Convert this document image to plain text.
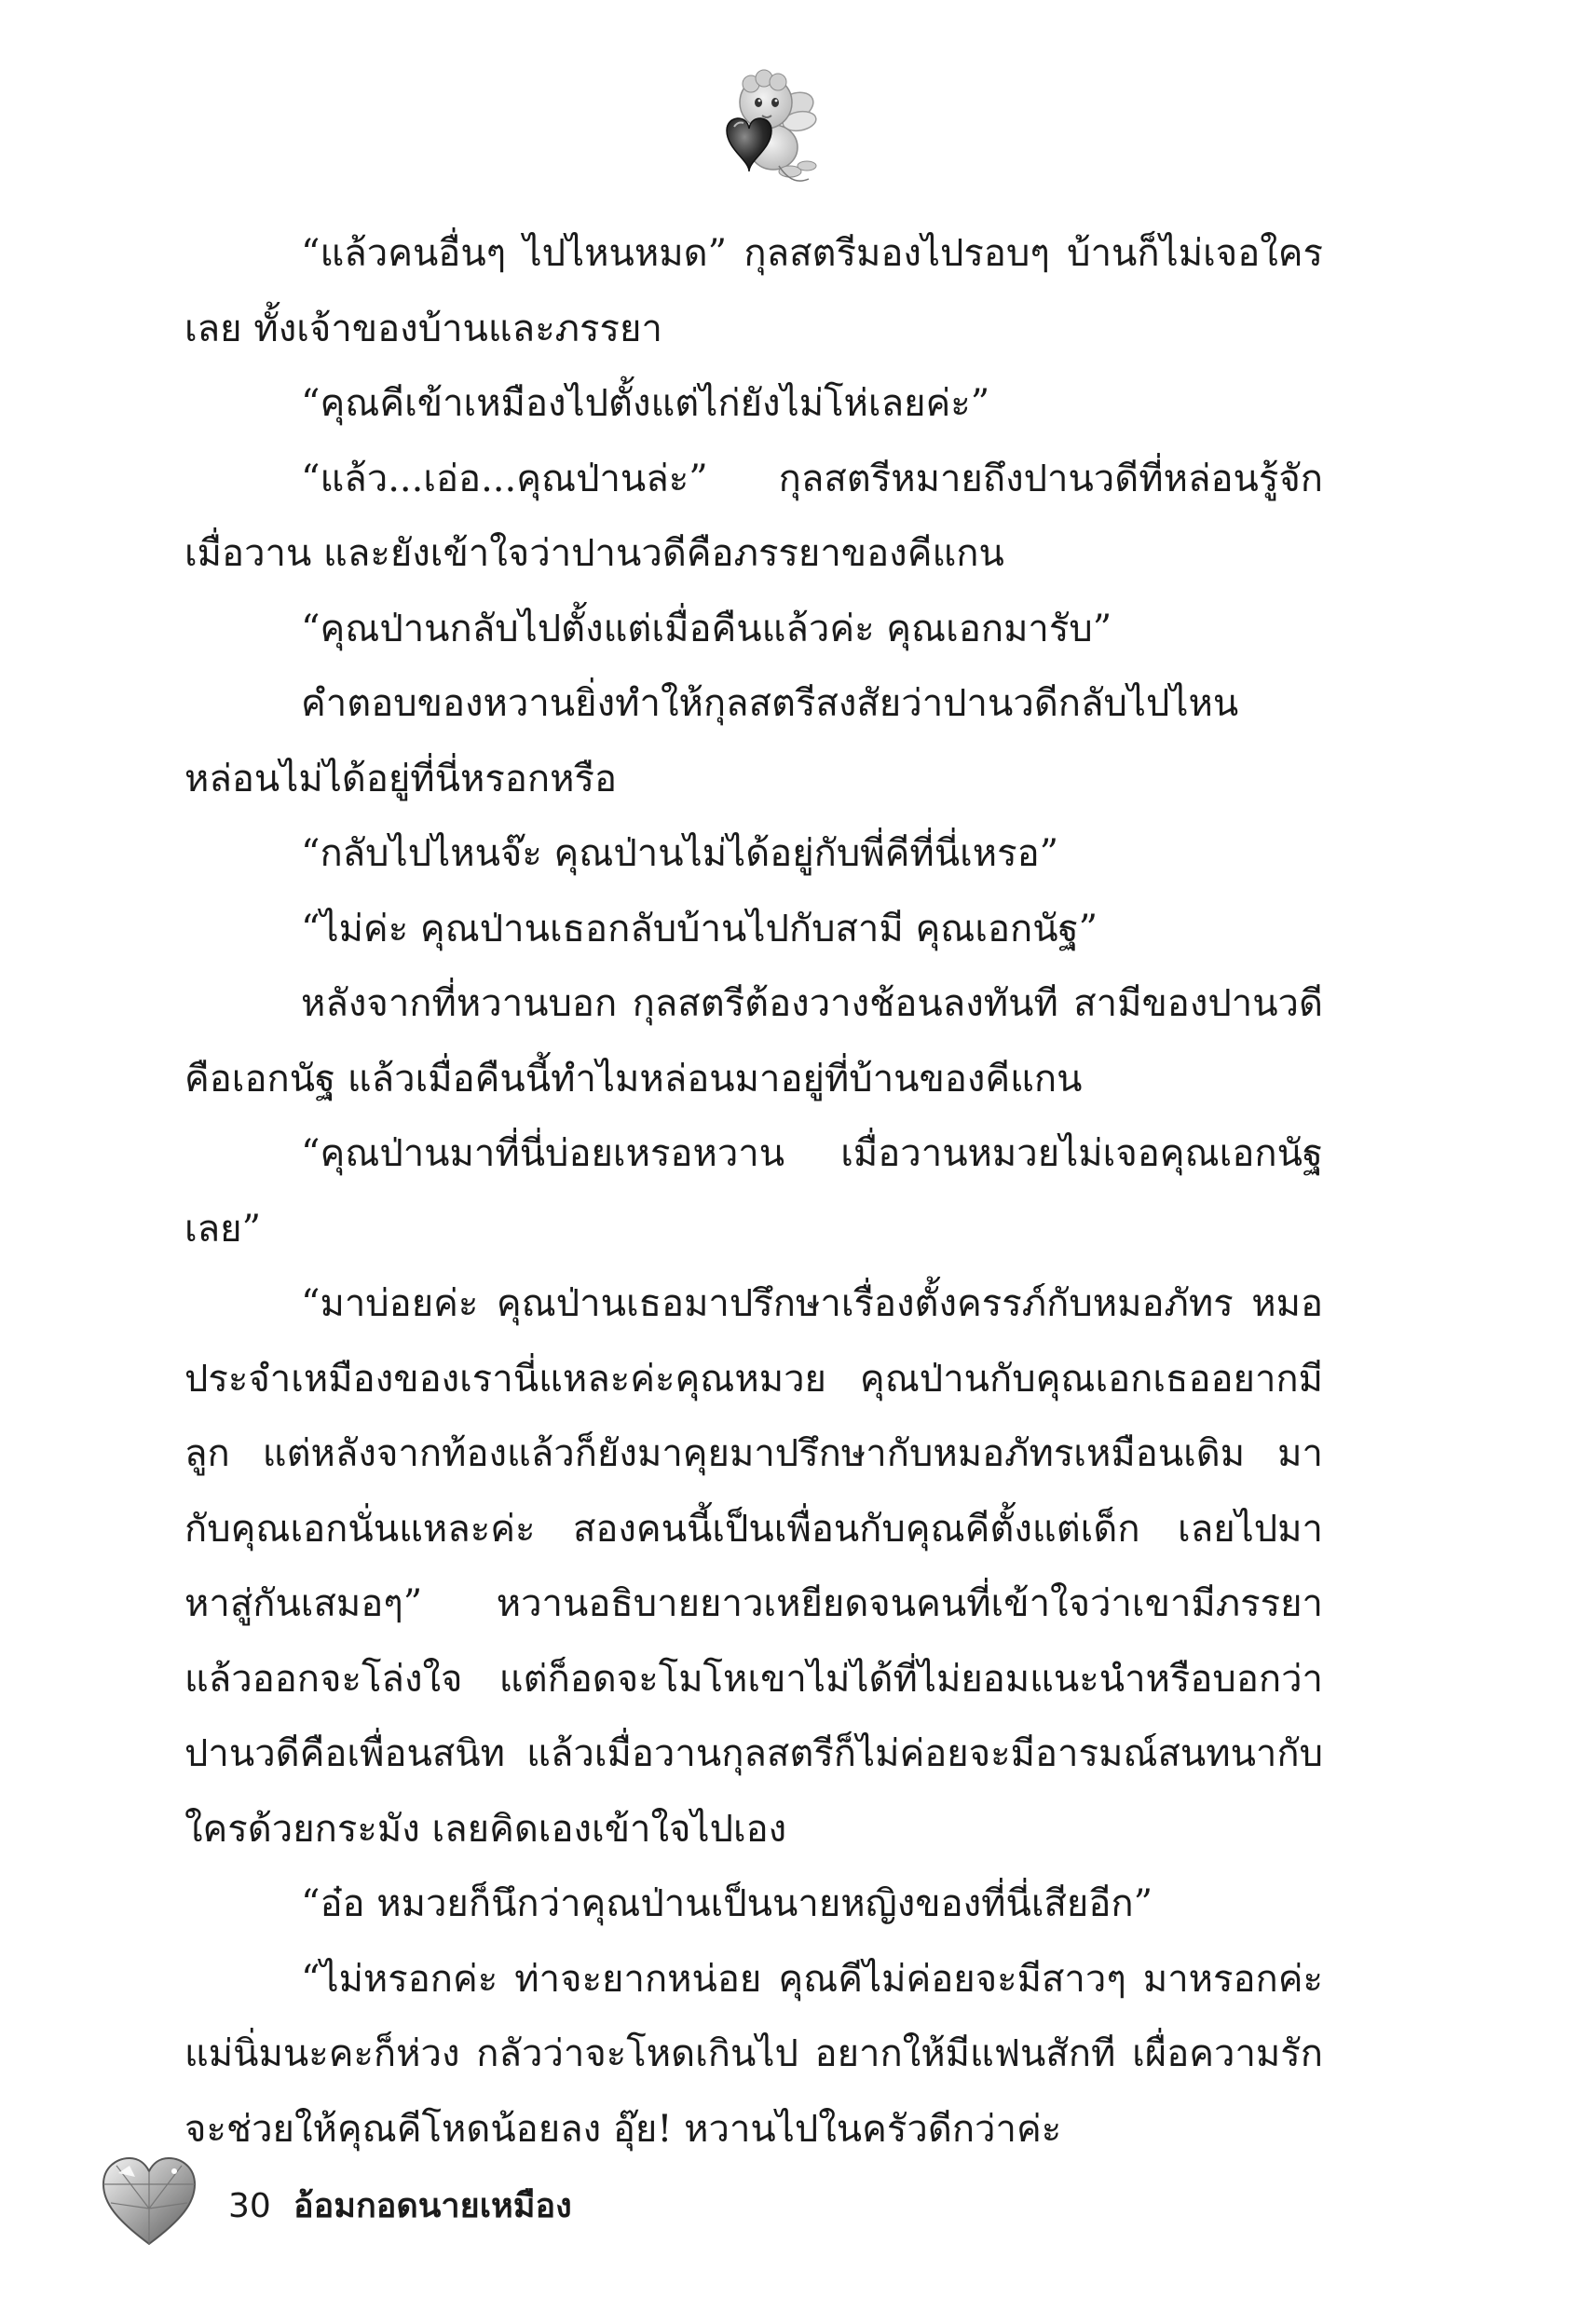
“แล้วคนอื่นๆ ไปไหนหมด” กุลสตรีมองไปรอบๆ บ้านก็ไม่เจอใครเลย ทั้งเจ้าของบ้านและภรรยา

“คุณคีเข้าเหมืองไปตั้งแต่ไก่ยังไม่โห่เลยค่ะ”

“แล้ว...เอ่อ...คุณป่านล่ะ” กุลสตรีหมายถึงปานวดีที่หล่อนรู้จักเมื่อวาน และยังเข้าใจว่าปานวดีคือภรรยาของคีแกน

“คุณป่านกลับไปตั้งแต่เมื่อคืนแล้วค่ะ คุณเอกมารับ”

คำตอบของหวานยิ่งทำให้กุลสตรีสงสัยว่าปานวดีกลับไปไหน หล่อนไม่ได้อยู่ที่นี่หรอกหรือ

“กลับไปไหนจ๊ะ คุณป่านไม่ได้อยู่กับพี่คีที่นี่เหรอ”

“ไม่ค่ะ คุณป่านเธอกลับบ้านไปกับสามี คุณเอกนัฐ”

หลังจากที่หวานบอก กุลสตรีต้องวางช้อนลงทันที สามีของปานวดีคือเอกนัฐ แล้วเมื่อคืนนี้ทำไมหล่อนมาอยู่ที่บ้านของคีแกน

“คุณป่านมาที่นี่บ่อยเหรอหวาน เมื่อวานหมวยไม่เจอคุณเอกนัฐเลย”

“มาบ่อยค่ะ คุณป่านเธอมาปรึกษาเรื่องตั้งครรภ์กับหมอภัทร หมอประจำเหมืองของเรานี่แหละค่ะคุณหมวย คุณป่านกับคุณเอกเธออยากมีลูก แต่หลังจากท้องแล้วก็ยังมาคุยมาปรึกษากับหมอภัทรเหมือนเดิม มากับคุณเอกนั่นแหละค่ะ สองคนนี้เป็นเพื่อนกับคุณคีตั้งแต่เด็ก เลยไปมาหาสู่กันเสมอๆ” หวานอธิบายยาวเหยียดจนคนที่เข้าใจว่าเขามีภรรยาแล้วออกจะโล่งใจ แต่ก็อดจะโมโหเขาไม่ได้ที่ไม่ยอมแนะนำหรือบอกว่าปานวดีคือเพื่อนสนิท แล้วเมื่อวานกุลสตรีก็ไม่ค่อยจะมีอารมณ์สนทนากับใครด้วยกระมัง เลยคิดเองเข้าใจไปเอง

“อ๋อ หมวยก็นึกว่าคุณป่านเป็นนายหญิงของที่นี่เสียอีก”

“ไม่หรอกค่ะ ท่าจะยากหน่อย คุณคีไม่ค่อยจะมีสาวๆ มาหรอกค่ะ แม่นิ่มนะคะก็ห่วง กลัวว่าจะโหดเกินไป อยากให้มีแฟนสักที เผื่อความรักจะช่วยให้คุณคีโหดน้อยลง อุ๊ย! หวานไปในครัวดีกว่าค่ะ

30 อ้อมกอดนายเหมือง
